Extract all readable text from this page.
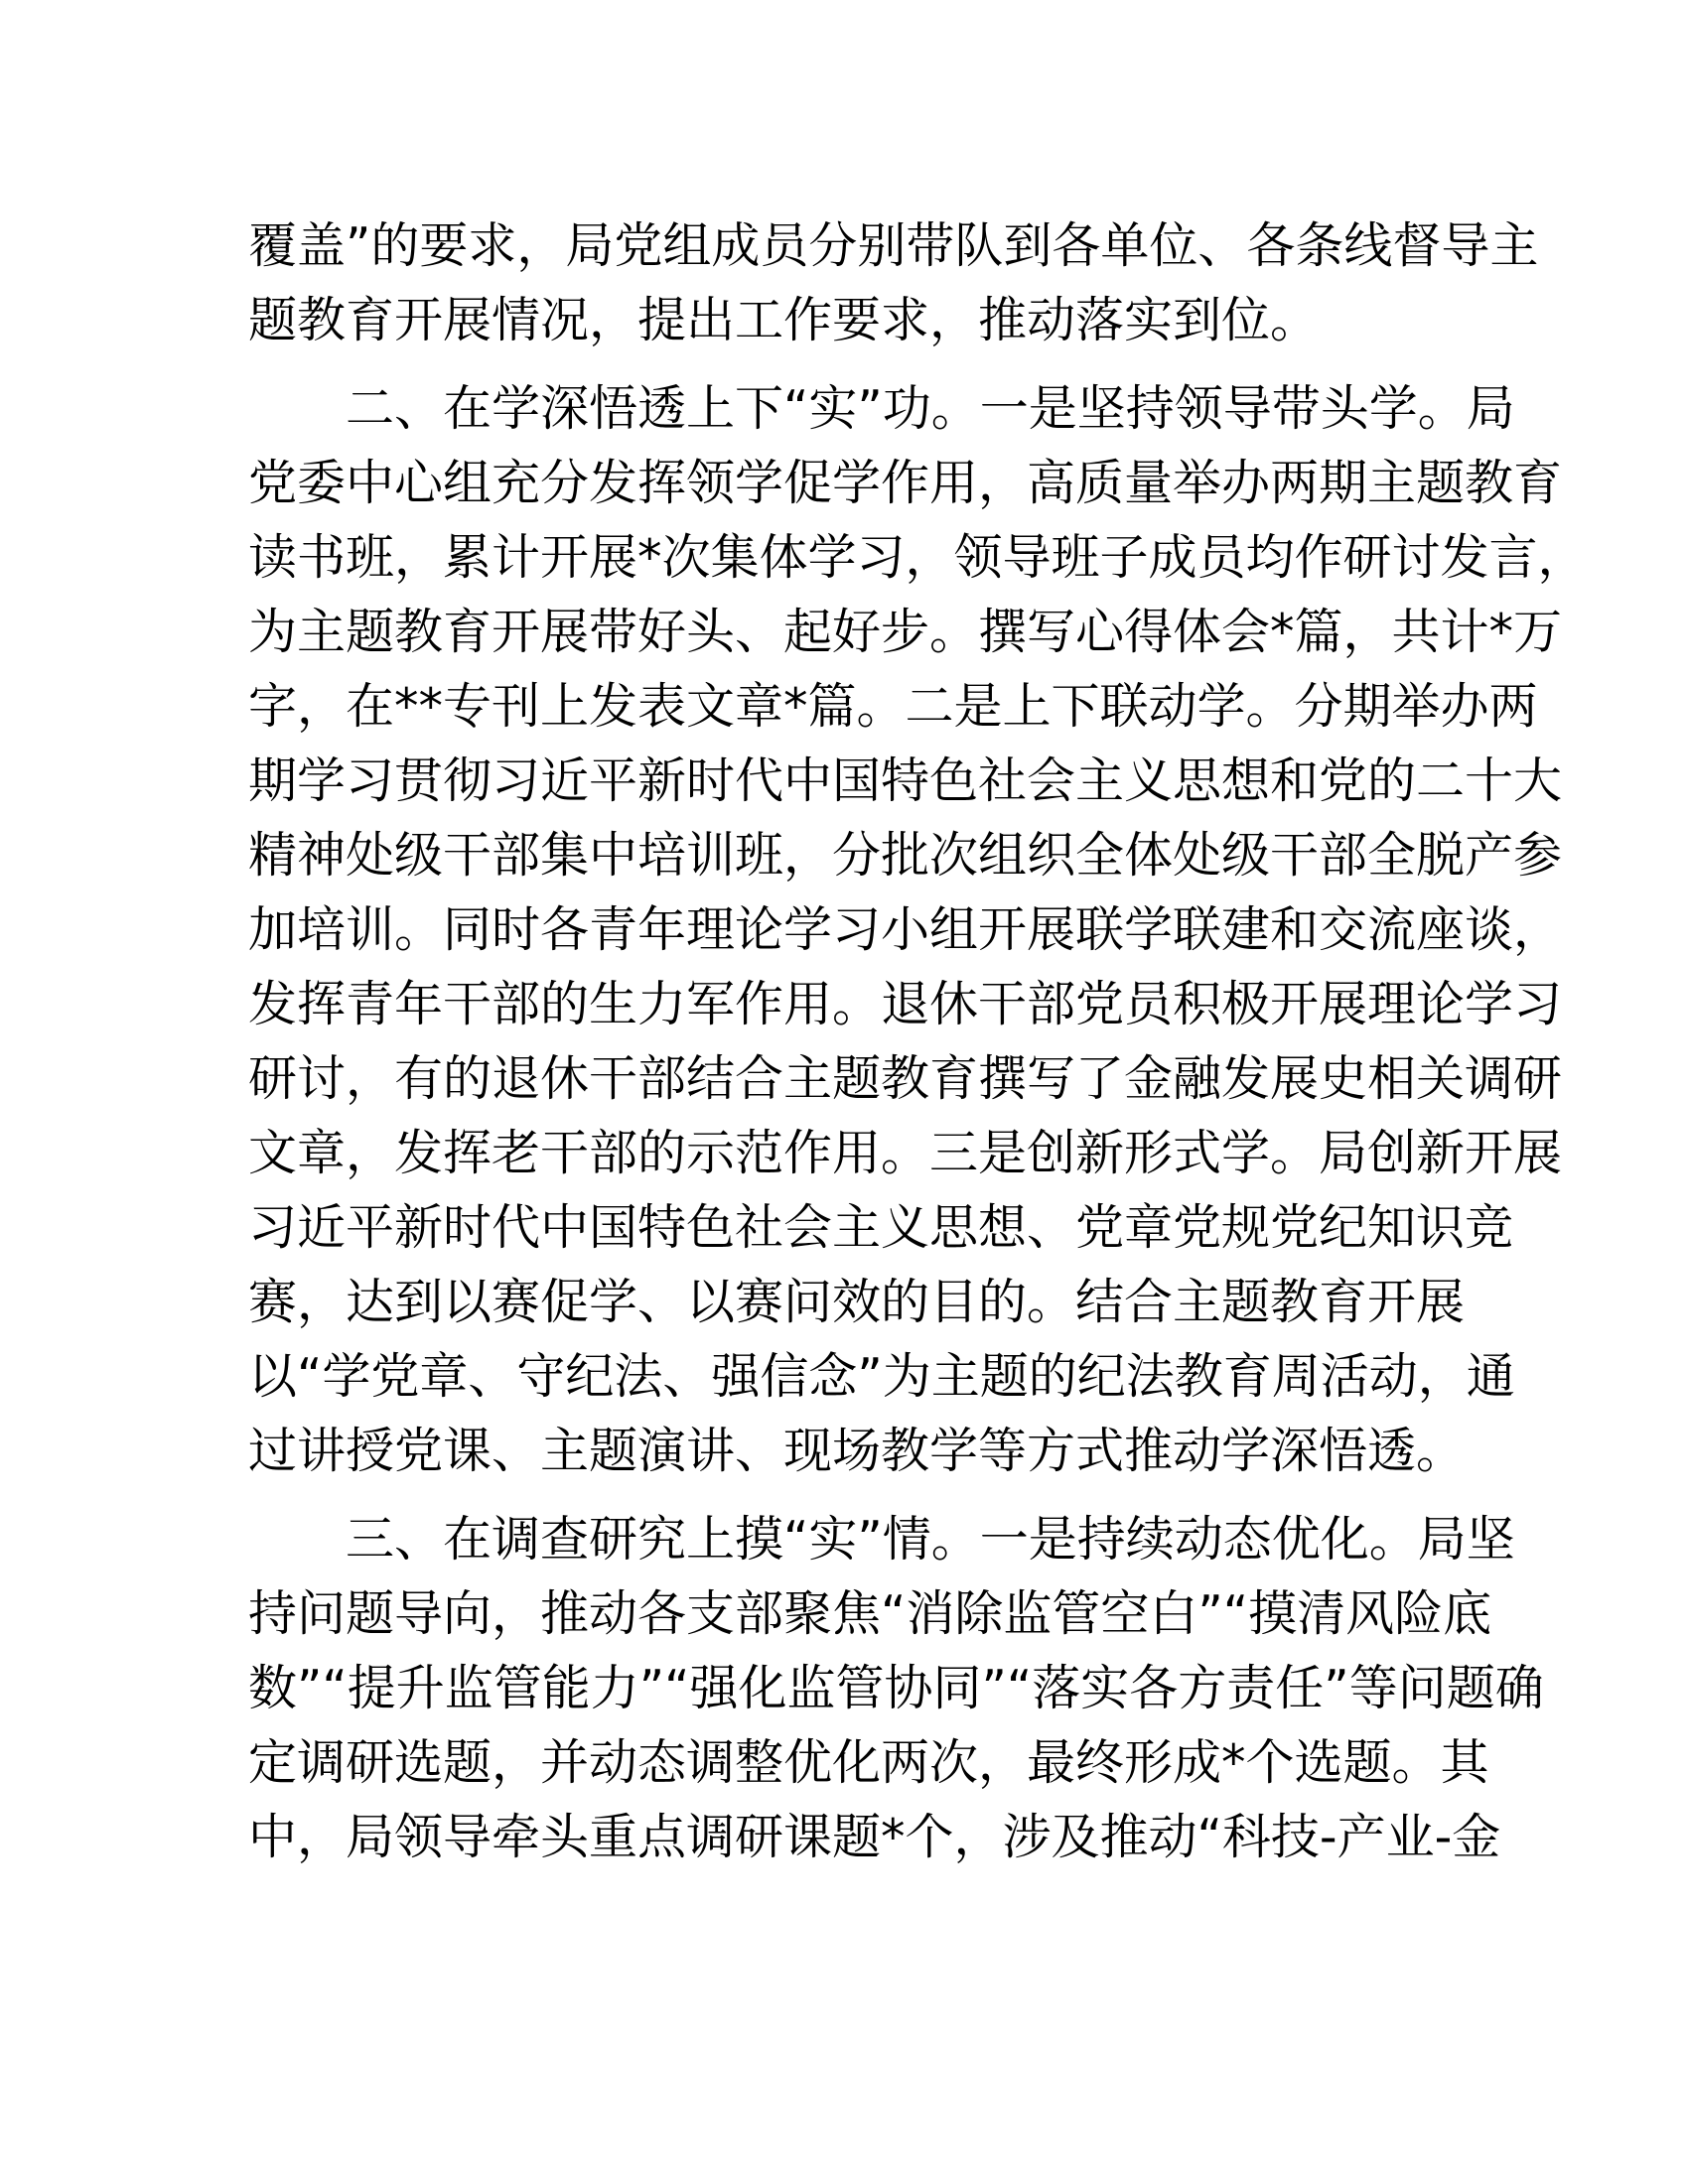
覆盖”的要求，局党组成员分别带队到各单位、各条线督导主
题教育开展情况，提出工作要求，推动落实到位。
二、在学深悟透上下“实”功。一是坚持领导带头学。局
党委中心组充分发挥领学促学作用，高质量举办两期主题教育
读书班，累计开展*次集体学习，领导班子成员均作研讨发言，
为主题教育开展带好头、起好步。撰写心得体会*篇，共计*万
字，在**专刊上发表文章*篇。二是上下联动学。分期举办两
期学习贯彻习近平新时代中国特色社会主义思想和党的二十大
精神处级干部集中培训班，分批次组织全体处级干部全脱产参
加培训。同时各青年理论学习小组开展联学联建和交流座谈，
发挥青年干部的生力军作用。退休干部党员积极开展理论学习
研讨，有的退休干部结合主题教育撰写了金融发展史相关调研
文章，发挥老干部的示范作用。三是创新形式学。局创新开展
习近平新时代中国特色社会主义思想、党章党规党纪知识竞
赛，达到以赛促学、以赛问效的目的。结合主题教育开展
以“学党章、守纪法、强信念”为主题的纪法教育周活动，通
过讲授党课、主题演讲、现场教学等方式推动学深悟透。
三、在调查研究上摸“实”情。一是持续动态优化。局坚
持问题导向，推动各支部聚焦“消除监管空白”“摸清风险底
数”“提升监管能力”“强化监管协同”“落实各方责任”等问题确
定调研选题，并动态调整优化两次，最终形成*个选题。其
中，局领导牵头重点调研课题*个，涉及推动“科技-产业-金
